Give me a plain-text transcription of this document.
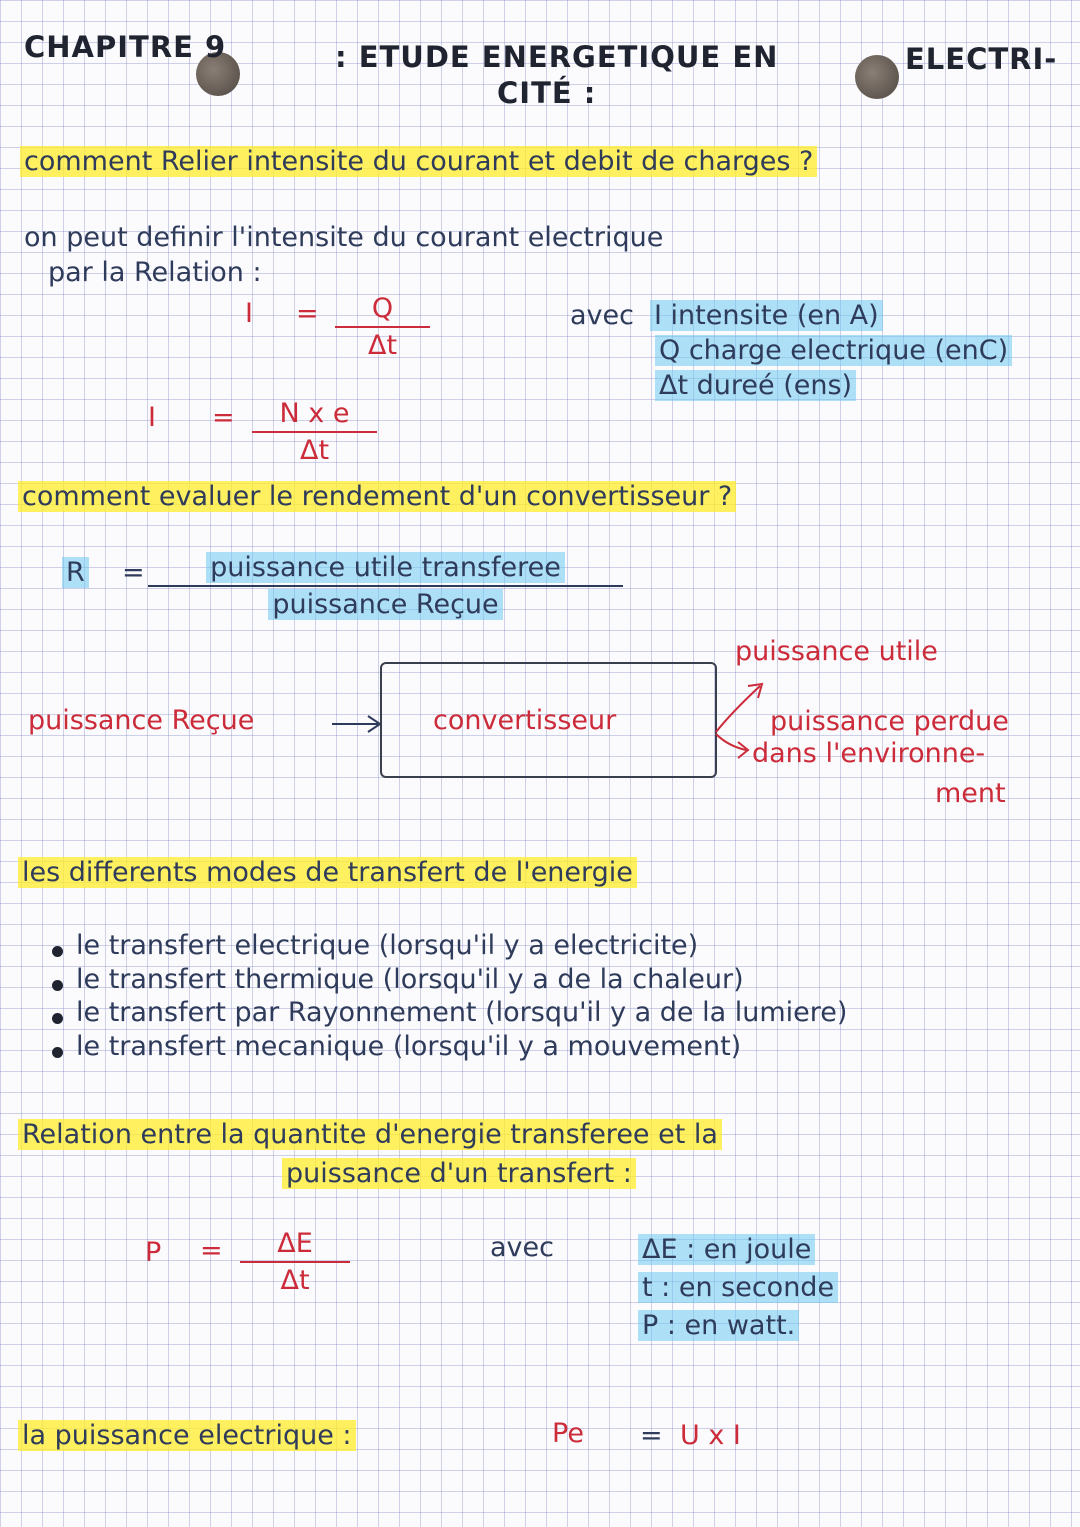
CHAPITRE 9	: ETUDE ENERGETIQUE EN	ELECTRI-
CITÉ :
comment Relier intensite du courant et debit de charges ?
on peut definir l'intensite du courant electrique
par la Relation :
$I = \frac{Q}{\Delta t}$	avec I intensite (en A)
Q charge electrique (enC)
Δt dureé (ens)
$I = \frac{\text{N x e}}{\Delta t}$
comment evaluer le rendement d'un convertisseur ?
R =	puissance utile transferee
puissance Reçue
puissance Reçue	convertisseur
puissance utile
puissance perdue
dans l'environne-
ment
les differents modes de transfert de l'energie
le transfert electrique (lorsqu'il y a electricite)
le transfert thermique (lorsqu'il y a de la chaleur)
le transfert par Rayonnement (lorsqu'il y a de la lumiere)
le transfert mecanique (lorsqu'il y a mouvement)
Relation entre la quantite d'energie transferee et la
puissance d'un transfert :
$P = \frac{\Delta E}{\Delta t}$	avec	ΔE : en joule
t : en seconde
P : en watt.
la puissance electrique :	Pe = U x I
